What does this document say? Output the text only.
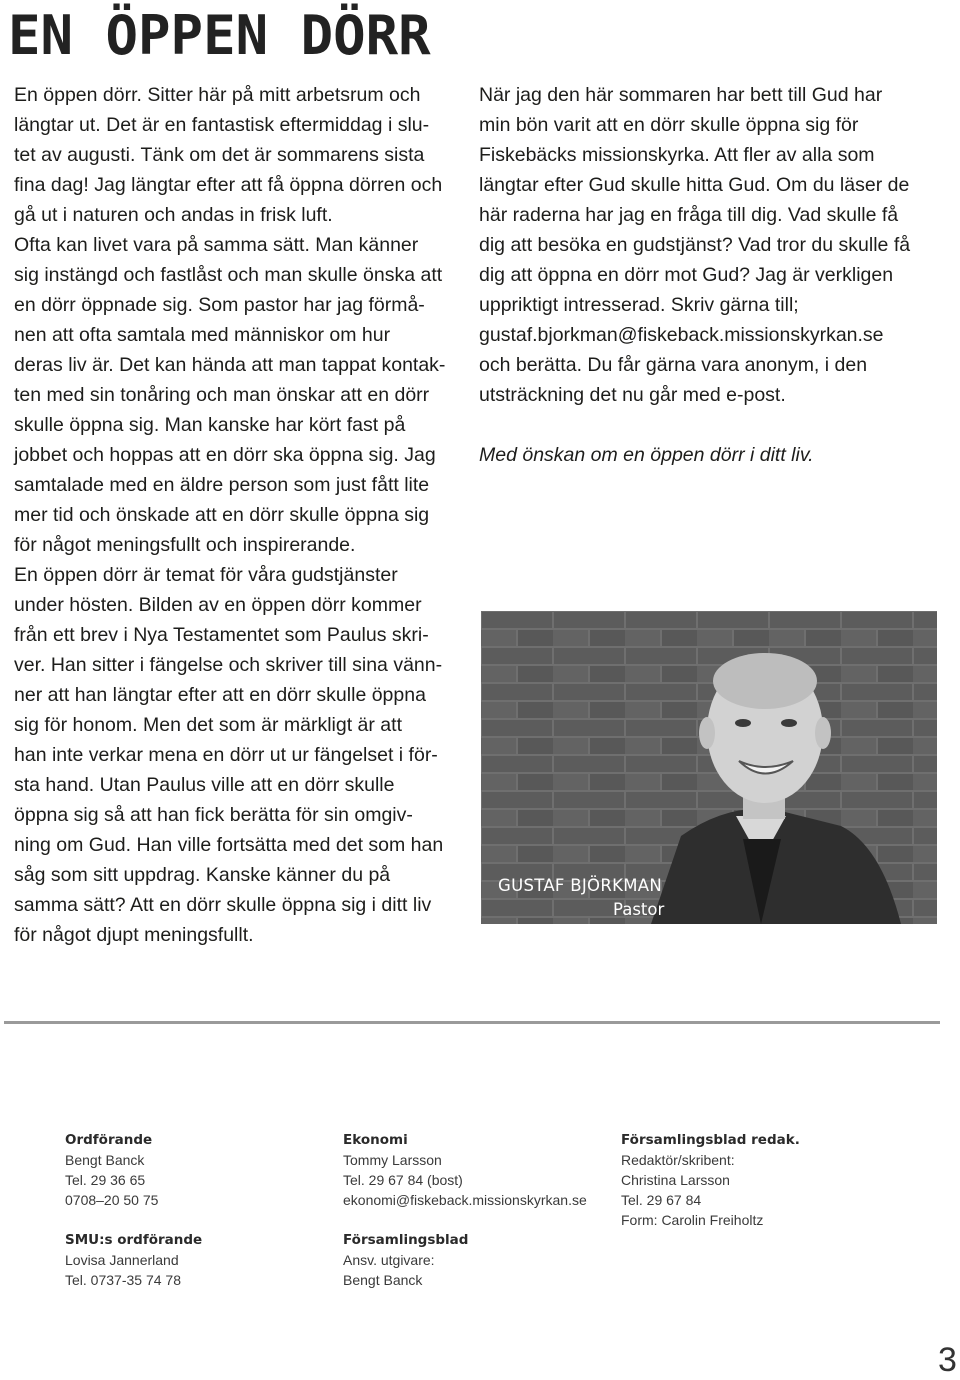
EN ÖPPEN DÖRR

En öppen dörr. Sitter här på mitt arbetsrum och
längtar ut. Det är en fantastisk eftermiddag i slu-
tet av augusti. Tänk om det är sommarens sista
fina dag! Jag längtar efter att få öppna dörren och
gå ut i naturen och andas in frisk luft.

Ofta kan livet vara på samma sätt. Man känner
sig instängd och fastlåst och man skulle önska att
en dörr öppnade sig. Som pastor har jag förmå-
nen att ofta samtala med människor om hur
deras liv är. Det kan hända att man tappat kontak-
ten med sin tonåring och man önskar att en dörr
skulle öppna sig. Man kanske har kört fast på
jobbet och hoppas att en dörr ska öppna sig. Jag
samtalade med en äldre person som just fått lite
mer tid och önskade att en dörr skulle öppna sig
för något meningsfullt och inspirerande.

En öppen dörr är temat för våra gudstjänster
under hösten. Bilden av en öppen dörr kommer
från ett brev i Nya Testamentet som Paulus skri-
ver. Han sitter i fängelse och skriver till sina vänn-
ner att han längtar efter att en dörr skulle öppna
sig för honom. Men det som är märkligt är att
han inte verkar mena en dörr ut ur fängelset i för-
sta hand. Utan Paulus ville att en dörr skulle
öppna sig så att han fick berätta för sin omgiv-
ning om Gud. Han ville fortsätta med det som han
såg som sitt uppdrag. Kanske känner du på
samma sätt? Att en dörr skulle öppna sig i ditt liv
för något djupt meningsfullt.

När jag den här sommaren har bett till Gud har
min bön varit att en dörr skulle öppna sig för
Fiskebäcks missionskyrka. Att fler av alla som
längtar efter Gud skulle hitta Gud. Om du läser de
här raderna har jag en fråga till dig. Vad skulle få
dig att besöka en gudstjänst? Vad tror du skulle få
dig att öppna en dörr mot Gud? Jag är verkligen
uppriktigt intresserad. Skriv gärna till;
gustaf.bjorkman@fiskeback.missionskyrkan.se
och berätta. Du får gärna vara anonym, i den
utsträckning det nu går med e-post.

Med önskan om en öppen dörr i ditt liv.

GUSTAF BJÖRKMAN
Pastor
Ordförande
Bengt Banck
Tel. 29 36 65
0708–20 50 75
SMU:s ordförande
Lovisa Jannerland
Tel. 0737-35 74 78
Ekonomi
Tommy Larsson
Tel. 29 67 84 (bost)
ekonomi@fiskeback.missionskyrkan.se
Församlingsblad
Ansv. utgivare:
Bengt Banck
Församlingsblad redak.
Redaktör/skribent:
Christina Larsson
Tel. 29 67 84
Form: Carolin Freiholtz
3
